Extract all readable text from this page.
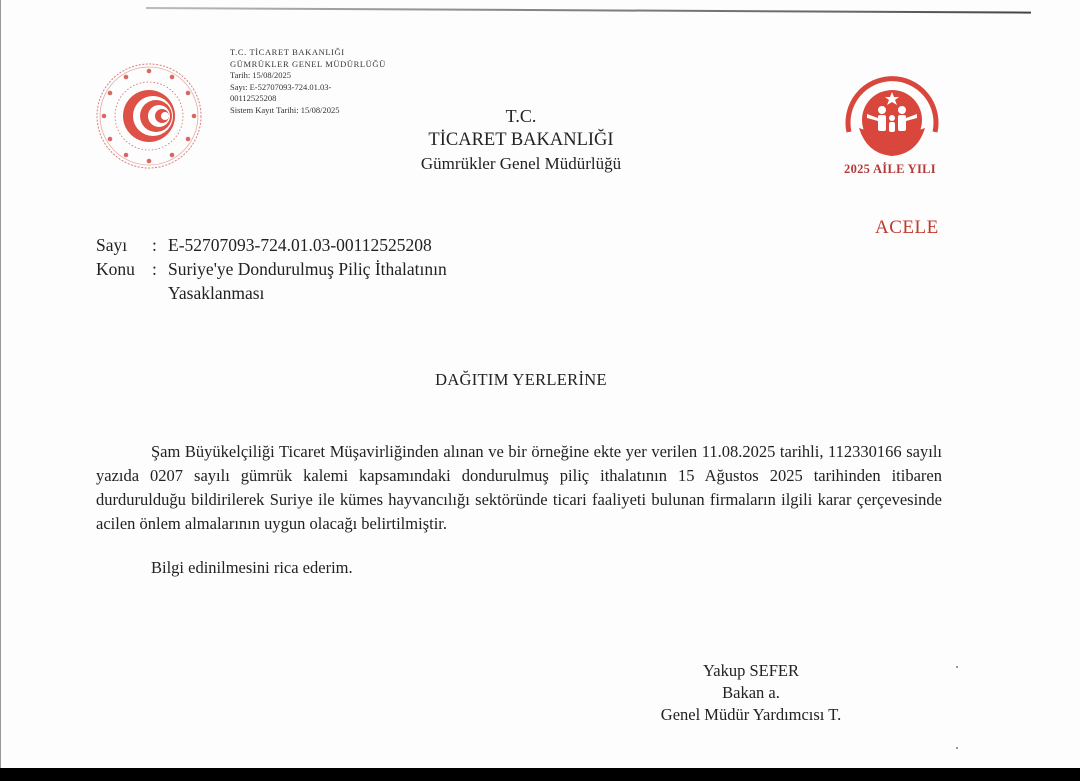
T.C. TİCARET BAKANLIĞI
GÜMRÜKLER GENEL MÜDÜRLÜĞÜ
Tarih: 15/08/2025
Sayı: E-52707093-724.01.03-
00112525208
Sistem Kayıt Tarihi: 15/08/2025	T.C.
TİCARET BAKANLIĞI
Gümrükler Genel Müdürlüğü	2025 AİLE YILI
ACELE
Sayı	: E-52707093-724.01.03-00112525208
Konu : Suriye'ye Dondurulmuş Piliç İthalatının Yasaklanması
DAĞITIM YERLERİNE

Şam Büyükelçiliği Ticaret Müşavirliğinden alınan ve bir örneğine ekte yer verilen 11.08.2025 tarihli, 112330166 sayılı yazıda 0207 sayılı gümrük kalemi kapsamındaki dondurulmuş piliç ithalatının 15 Ağustos 2025 tarihinden itibaren durdurulduğu bildirilerek Suriye ile kümes hayvancılığı sektöründe ticari faaliyeti bulunan firmaların ilgili karar çerçevesinde acilen önlem almalarının uygun olacağı belirtilmiştir.

Bilgi edinilmesini rica ederim.
Yakup SEFER
Bakan a.
Genel Müdür Yardımcısı T.
